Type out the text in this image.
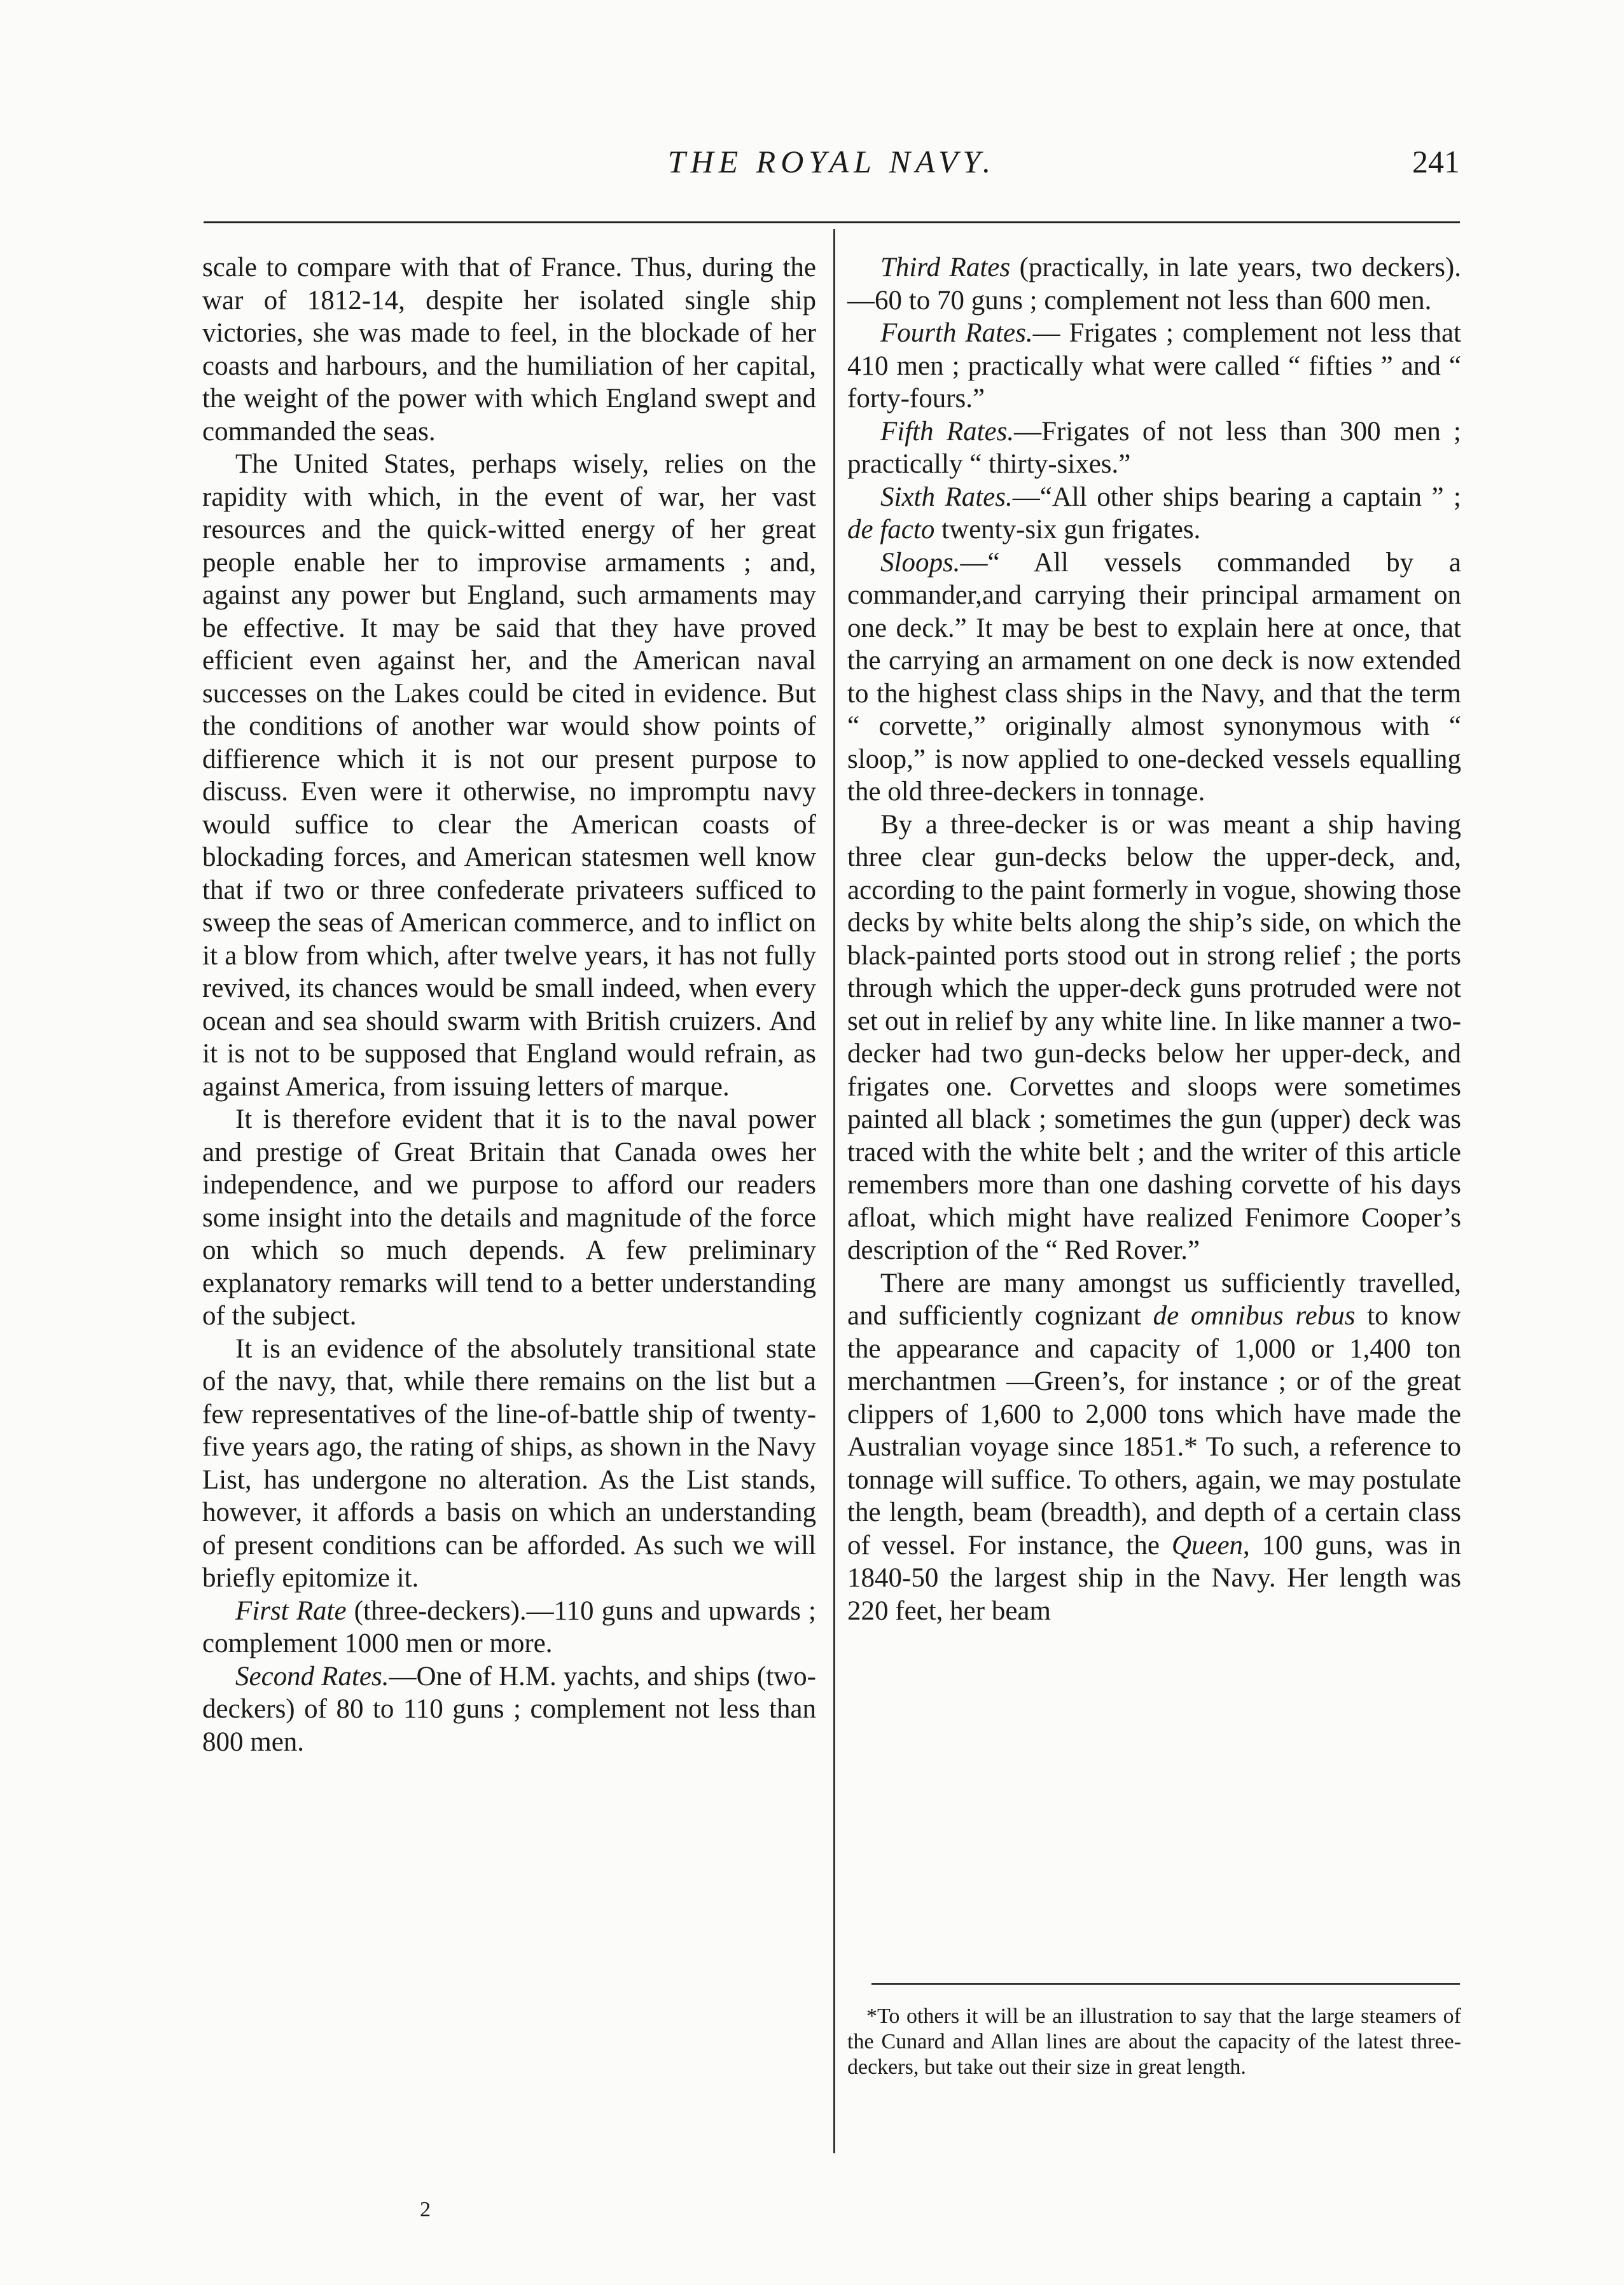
THE ROYAL NAVY.	241

scale to compare with that of France. Thus, during the war of 1812-14, despite her isolated single ship victories, she was made to feel, in the blockade of her coasts and harbours, and the humiliation of her capital, the weight of the power with which England swept and commanded the seas.

The United States, perhaps wisely, relies on the rapidity with which, in the event of war, her vast resources and the quick-witted energy of her great people enable her to improvise armaments ; and, against any power but England, such armaments may be effective. It may be said that they have proved efficient even against her, and the American naval successes on the Lakes could be cited in evidence. But the conditions of another war would show points of diffierence which it is not our present purpose to discuss. Even were it otherwise, no impromptu navy would suffice to clear the American coasts of blockading forces, and American statesmen well know that if two or three confederate privateers sufficed to sweep the seas of American commerce, and to inflict on it a blow from which, after twelve years, it has not fully revived, its chances would be small indeed, when every ocean and sea should swarm with British cruizers. And it is not to be supposed that England would refrain, as against America, from issuing letters of marque.

It is therefore evident that it is to the naval power and prestige of Great Britain that Canada owes her independence, and we purpose to afford our readers some insight into the details and magnitude of the force on which so much depends. A few preliminary explanatory remarks will tend to a better understanding of the subject.

It is an evidence of the absolutely transitional state of the navy, that, while there remains on the list but a few representatives of the line-of-battle ship of twenty-five years ago, the rating of ships, as shown in the Navy List, has undergone no alteration. As the List stands, however, it affords a basis on which an understanding of present conditions can be afforded. As such we will briefly epitomize it.

First Rate (three-deckers).—110 guns and upwards ; complement 1000 men or more.

Second Rates.—One of H.M. yachts, and ships (two-deckers) of 80 to 110 guns ; complement not less than 800 men.

Third Rates (practically, in late years, two deckers).—60 to 70 guns ; complement not less than 600 men.

Fourth Rates.— Frigates ; complement not less that 410 men ; practically what were called “ fifties ” and “ forty-fours.”

Fifth Rates.—Frigates of not less than 300 men ; practically “ thirty-sixes.”

Sixth Rates.—“All other ships bearing a captain ” ; de facto twenty-six gun frigates.

Sloops.—“ All vessels commanded by a commander,and carrying their principal armament on one deck.” It may be best to explain here at once, that the carrying an armament on one deck is now extended to the highest class ships in the Navy, and that the term “ corvette,” originally almost synonymous with “ sloop,” is now applied to one-decked vessels equalling the old three-deckers in tonnage.

By a three-decker is or was meant a ship having three clear gun-decks below the upper-deck, and, according to the paint formerly in vogue, showing those decks by white belts along the ship’s side, on which the black-painted ports stood out in strong relief ; the ports through which the upper-deck guns protruded were not set out in relief by any white line. In like manner a two-decker had two gun-decks below her upper-deck, and frigates one. Corvettes and sloops were sometimes painted all black ; sometimes the gun (upper) deck was traced with the white belt ; and the writer of this article remembers more than one dashing corvette of his days afloat, which might have realized Fenimore Cooper’s description of the “ Red Rover.”

There are many amongst us sufficiently travelled, and sufficiently cognizant de omnibus rebus to know the appearance and capacity of 1,000 or 1,400 ton merchantmen —Green’s, for instance ; or of the great clippers of 1,600 to 2,000 tons which have made the Australian voyage since 1851.* To such, a reference to tonnage will suffice. To others, again, we may postulate the length, beam (breadth), and depth of a certain class of vessel. For instance, the Queen, 100 guns, was in 1840-50 the largest ship in the Navy. Her length was 220 feet, her beam

*To others it will be an illustration to say that the large steamers of the Cunard and Allan lines are about the capacity of the latest three-deckers, but take out their size in great length.

2
